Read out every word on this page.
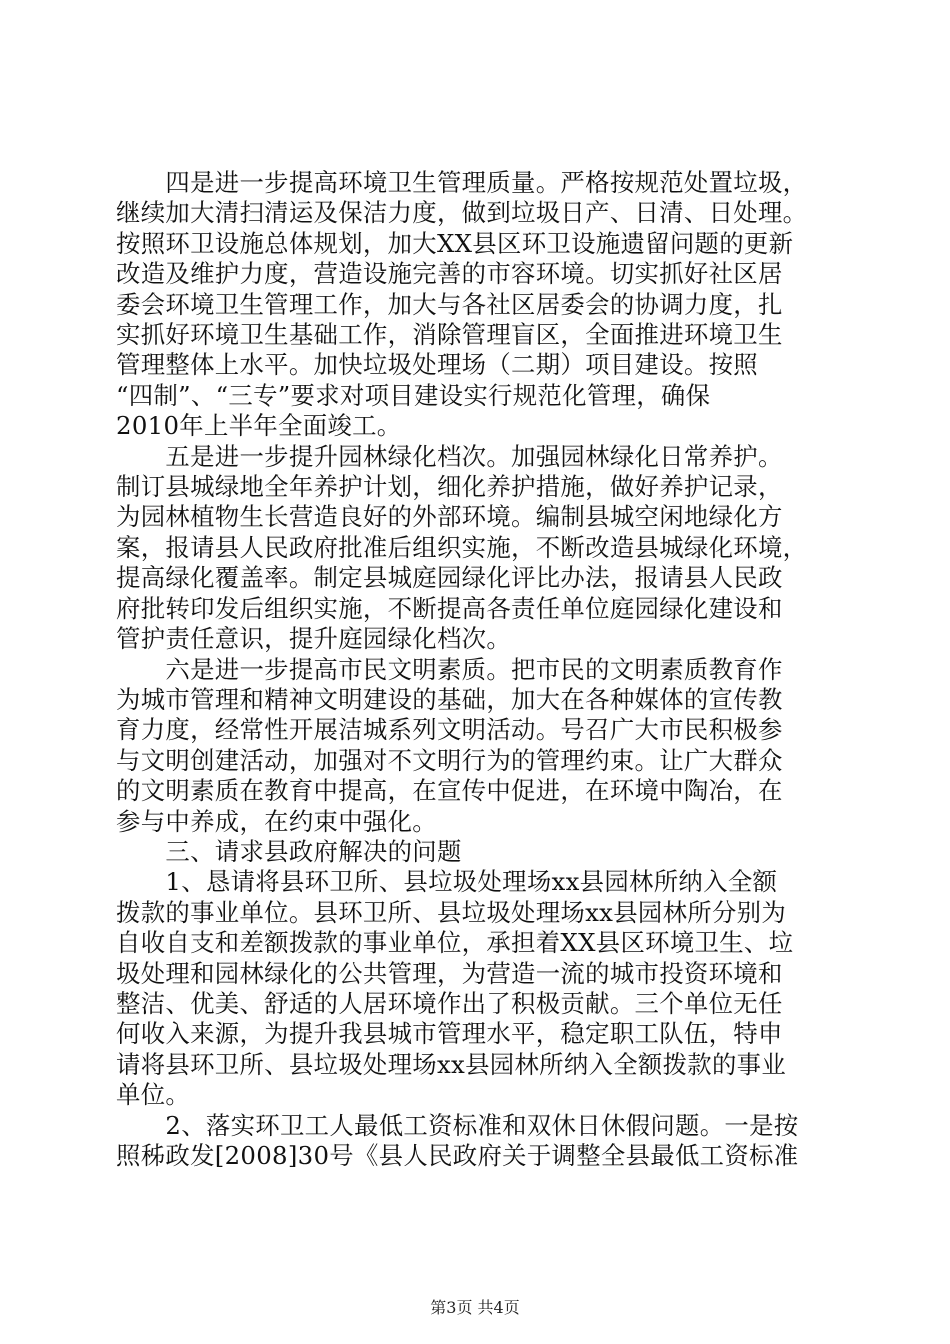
　　四是进一步提高环境卫生管理质量。严格按规范处置垃圾，
继续加大清扫清运及保洁力度，做到垃圾日产、日清、日处理。
按照环卫设施总体规划，加大XX县区环卫设施遗留问题的更新
改造及维护力度，营造设施完善的市容环境。切实抓好社区居
委会环境卫生管理工作，加大与各社区居委会的协调力度，扎
实抓好环境卫生基础工作，消除管理盲区，全面推进环境卫生
管理整体上水平。加快垃圾处理场（二期）项目建设。按照
“四制”、“三专”要求对项目建设实行规范化管理，确保
2010年上半年全面竣工。

　　五是进一步提升园林绿化档次。加强园林绿化日常养护。
制订县城绿地全年养护计划，细化养护措施，做好养护记录，
为园林植物生长营造良好的外部环境。编制县城空闲地绿化方
案，报请县人民政府批准后组织实施，不断改造县城绿化环境，
提高绿化覆盖率。制定县城庭园绿化评比办法，报请县人民政
府批转印发后组织实施，不断提高各责任单位庭园绿化建设和
管护责任意识，提升庭园绿化档次。

　　六是进一步提高市民文明素质。把市民的文明素质教育作
为城市管理和精神文明建设的基础，加大在各种媒体的宣传教
育力度，经常性开展洁城系列文明活动。号召广大市民积极参
与文明创建活动，加强对不文明行为的管理约束。让广大群众
的文明素质在教育中提高，在宣传中促进，在环境中陶冶，在
参与中养成，在约束中强化。

　　三、请求县政府解决的问题

　　1、恳请将县环卫所、县垃圾处理场xx县园林所纳入全额
拨款的事业单位。县环卫所、县垃圾处理场xx县园林所分别为
自收自支和差额拨款的事业单位，承担着XX县区环境卫生、垃
圾处理和园林绿化的公共管理，为营造一流的城市投资环境和
整洁、优美、舒适的人居环境作出了积极贡献。三个单位无任
何收入来源，为提升我县城市管理水平，稳定职工队伍，特申
请将县环卫所、县垃圾处理场xx县园林所纳入全额拨款的事业
单位。

　　2、落实环卫工人最低工资标准和双休日休假问题。一是按
照秭政发[2008]30号《县人民政府关于调整全县最低工资标准

第3页 共4页
